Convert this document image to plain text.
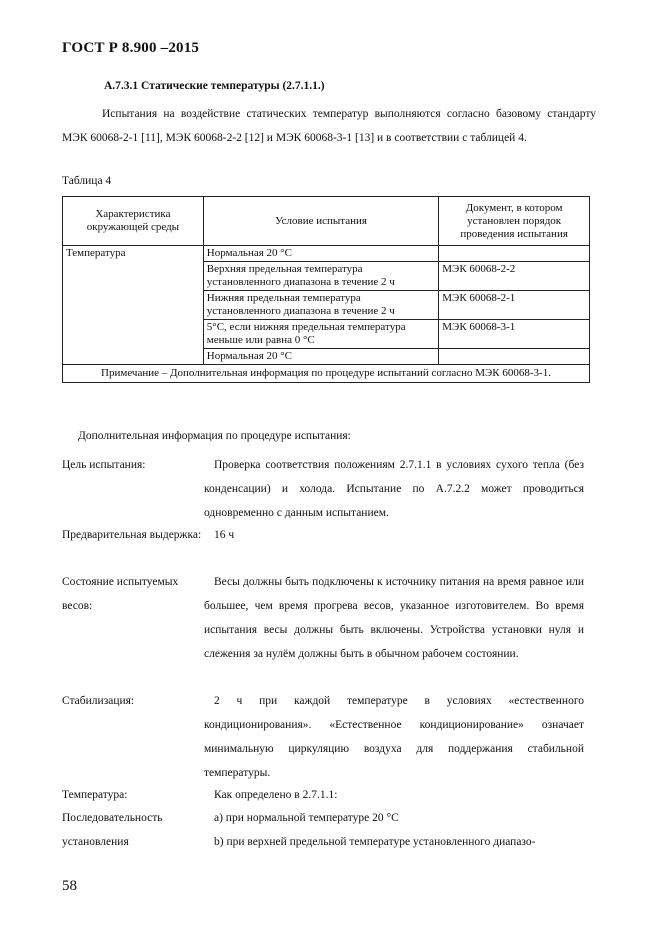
ГОСТ Р 8.900 –2015
A.7.3.1 Статические температуры (2.7.1.1.)
Испытания на воздействие статических температур выполняются согласно базовому стандарту МЭК 60068-2-1 [11], МЭК 60068-2-2 [12] и МЭК 60068-3-1 [13] и в соответствии с таблицей 4.
Таблица 4
Характеристика окружающей среды	Условие испытания	Документ, в котором установлен порядок проведения испытания
Температура	Нормальная 20 °С	
	Верхняя предельная температура установленного диапазона в течение 2 ч	МЭК 60068-2-2
	Нижняя предельная температура установленного диапазона в течение 2 ч	МЭК 60068-2-1
	5°С, если нижняя предельная температура меньше или равна 0 °С	МЭК 60068-3-1
	Нормальная 20 °С	
Примечание – Дополнительная информация по процедуре испытаний согласно МЭК 60068-3-1.		
Дополнительная информация по процедуре испытания:
Цель испытания:	Проверка соответствия положениям 2.7.1.1 в условиях сухого тепла (без конденсации) и холода. Испытание по А.7.2.2 может проводиться одновременно с данным испытанием.
Предварительная выдержка:	16 ч
Состояние испытуемых весов:
Весы должны быть подключены к источнику питания на время равное или большее, чем время прогрева весов, указанное изготовителем. Во время испытания весы должны быть включены. Устройства установки нуля и слежения за нулём должны быть в обычном рабочем состоянии.
Стабилизация:	2 ч при каждой температуре в условиях «естественного кондиционирования». «Естественное кондиционирование» означает минимальную циркуляцию воздуха для поддержания стабильной температуры.
Температура:	Как определено в 2.7.1.1:
Последовательность установления
а) при нормальной температуре 20 °С
b) при верхней предельной температуре установленного диапазо-
58
